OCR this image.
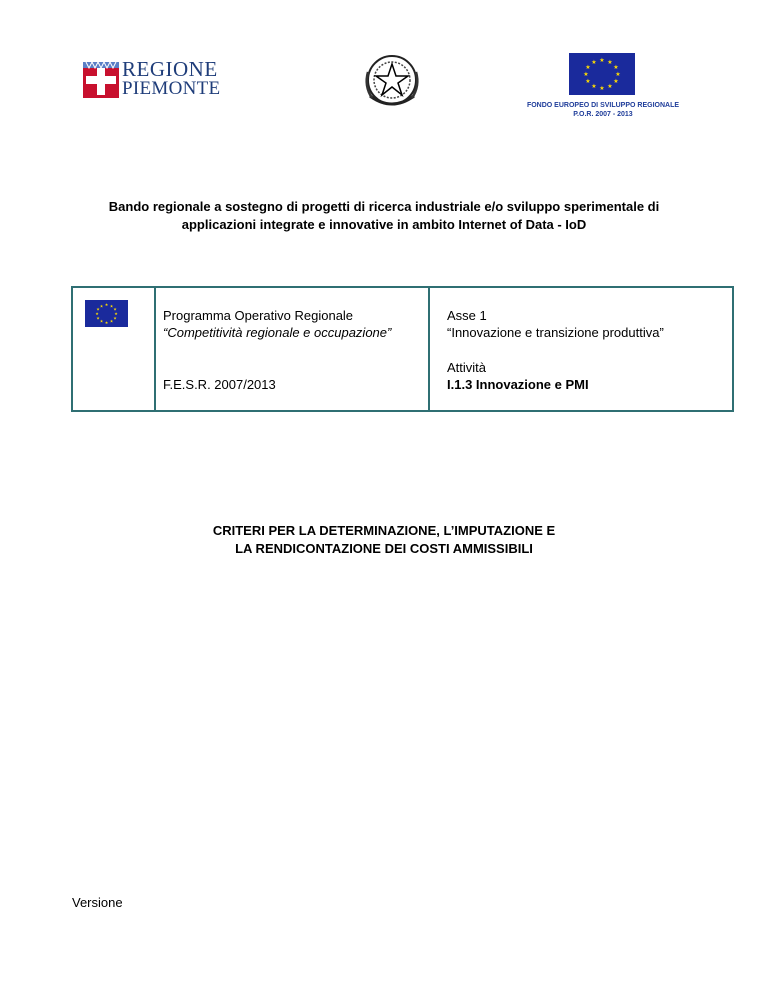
REGIONE
PIEMONTE
★ ★
★
★
★
★
★
★
★
★
★
★
FONDO EUROPEO DI SVILUPPO REGIONALE
P.O.R. 2007 - 2013
Bando regionale a sostegno di progetti di ricerca industriale e/o sviluppo sperimentale di
applicazioni integrate e innovative in ambito Internet of Data - IoD
★ ★
★
★
★
★
★
★
★
★
★
★
Programma Operativo Regionale
“Competitività regionale e occupazione”
F.E.S.R. 2007/2013
Asse 1
“Innovazione e transizione produttiva”
Attività
I.1.3 Innovazione e PMI
CRITERI PER LA DETERMINAZIONE, L’IMPUTAZIONE E
LA RENDICONTAZIONE DEI COSTI AMMISSIBILI
Versione
